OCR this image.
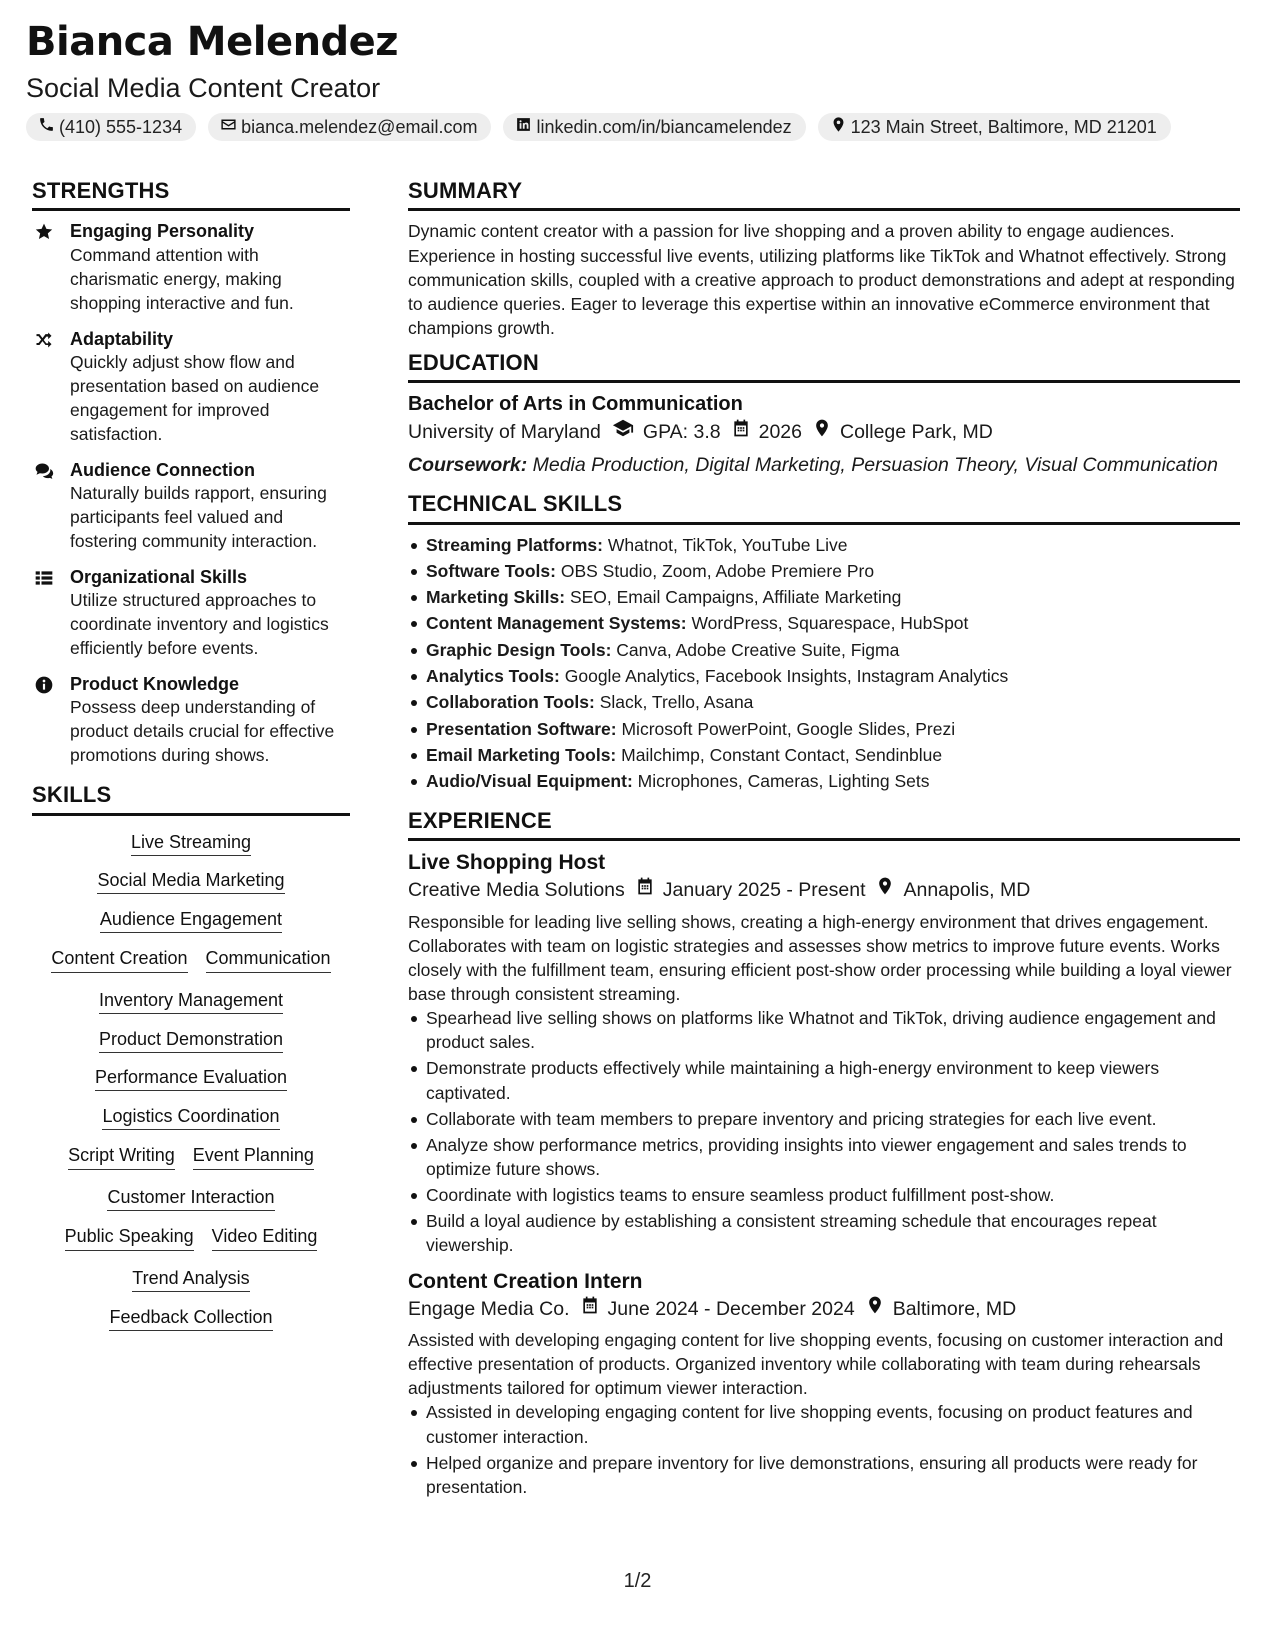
Bianca Melendez
Social Media Content Creator
(410) 555-1234	bianca.melendez@email.com	linkedin.com/in/biancamelendez	123 Main Street, Baltimore, MD 21201
STRENGTHS
Engaging Personality
Command attention with charismatic energy, making shopping interactive and fun.
Adaptability
Quickly adjust show flow and presentation based on audience engagement for improved satisfaction.
Audience Connection
Naturally builds rapport, ensuring participants feel valued and fostering community interaction.
Organizational Skills
Utilize structured approaches to coordinate inventory and logistics efficiently before events.
Product Knowledge
Possess deep understanding of product details crucial for effective promotions during shows.
SKILLS
Live Streaming
Social Media Marketing
Audience Engagement
Content Creation Communication
Inventory Management
Product Demonstration
Performance Evaluation
Logistics Coordination
Script Writing Event Planning
Customer Interaction
Public Speaking Video Editing
Trend Analysis
Feedback Collection
SUMMARY

Dynamic content creator with a passion for live shopping and a proven ability to engage audiences. Experience in hosting successful live events, utilizing platforms like TikTok and Whatnot effectively. Strong communication skills, coupled with a creative approach to product demonstrations and adept at responding to audience queries. Eager to leverage this expertise within an innovative eCommerce environment that champions growth.

EDUCATION
Bachelor of Arts in Communication
University of Maryland GPA: 3.8 2026 College Park, MD
Coursework: Media Production, Digital Marketing, Persuasion Theory, Visual Communication
TECHNICAL SKILLS
Streaming Platforms: Whatnot, TikTok, YouTube Live
Software Tools: OBS Studio, Zoom, Adobe Premiere Pro
Marketing Skills: SEO, Email Campaigns, Affiliate Marketing
Content Management Systems: WordPress, Squarespace, HubSpot
Graphic Design Tools: Canva, Adobe Creative Suite, Figma
Analytics Tools: Google Analytics, Facebook Insights, Instagram Analytics
Collaboration Tools: Slack, Trello, Asana
Presentation Software: Microsoft PowerPoint, Google Slides, Prezi
Email Marketing Tools: Mailchimp, Constant Contact, Sendinblue
Audio/Visual Equipment: Microphones, Cameras, Lighting Sets
EXPERIENCE
Live Shopping Host
Creative Media Solutions January 2025 - Present Annapolis, MD

Responsible for leading live selling shows, creating a high-energy environment that drives engagement. Collaborates with team on logistic strategies and assesses show metrics to improve future events. Works closely with the fulfillment team, ensuring efficient post-show order processing while building a loyal viewer base through consistent streaming.

Spearhead live selling shows on platforms like Whatnot and TikTok, driving audience engagement and product sales.
Demonstrate products effectively while maintaining a high-energy environment to keep viewers captivated.
Collaborate with team members to prepare inventory and pricing strategies for each live event.
Analyze show performance metrics, providing insights into viewer engagement and sales trends to optimize future shows.
Coordinate with logistics teams to ensure seamless product fulfillment post-show.
Build a loyal audience by establishing a consistent streaming schedule that encourages repeat viewership.
Content Creation Intern
Engage Media Co. June 2024 - December 2024 Baltimore, MD

Assisted with developing engaging content for live shopping events, focusing on customer interaction and effective presentation of products. Organized inventory while collaborating with team during rehearsals adjustments tailored for optimum viewer interaction.

Assisted in developing engaging content for live shopping events, focusing on product features and customer interaction.
Helped organize and prepare inventory for live demonstrations, ensuring all products were ready for presentation.
1/2
